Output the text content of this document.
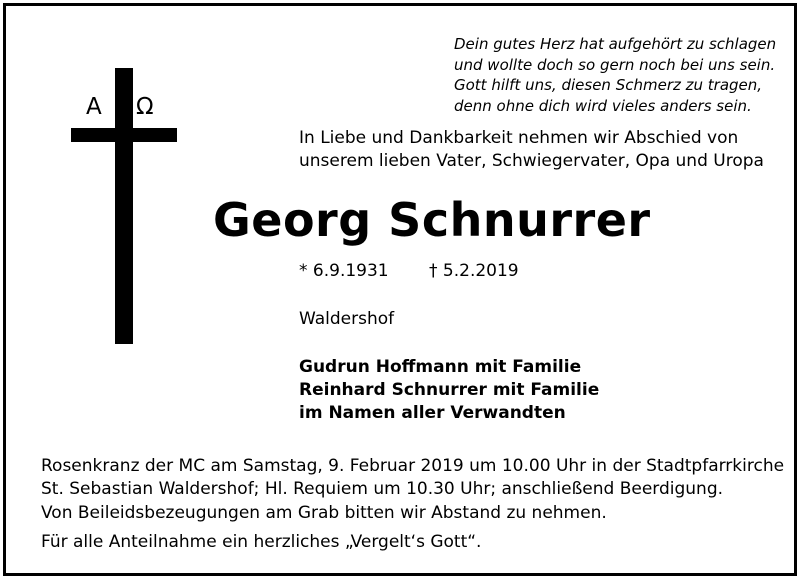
Dein gutes Herz hat aufgehört zu schlagen
und wollte doch so gern noch bei uns sein.
Gott hilft uns, diesen Schmerz zu tragen,
denn ohne dich wird vieles anders sein.
A Ω
In Liebe und Dankbarkeit nehmen wir Abschied von
unserem lieben Vater, Schwiegervater, Opa und Uropa
Georg Schnurrer
* 6.9.1931 † 5.2.2019
Waldershof
Gudrun Hoffmann mit Familie
Reinhard Schnurrer mit Familie
im Namen aller Verwandten
Rosenkranz der MC am Samstag, 9. Februar 2019 um 10.00 Uhr in der Stadtpfarrkirche
St. Sebastian Waldershof; Hl. Requiem um 10.30 Uhr; anschließend Beerdigung.
Von Beileidsbezeugungen am Grab bitten wir Abstand zu nehmen.
Für alle Anteilnahme ein herzliches „Vergelt‘s Gott“.
